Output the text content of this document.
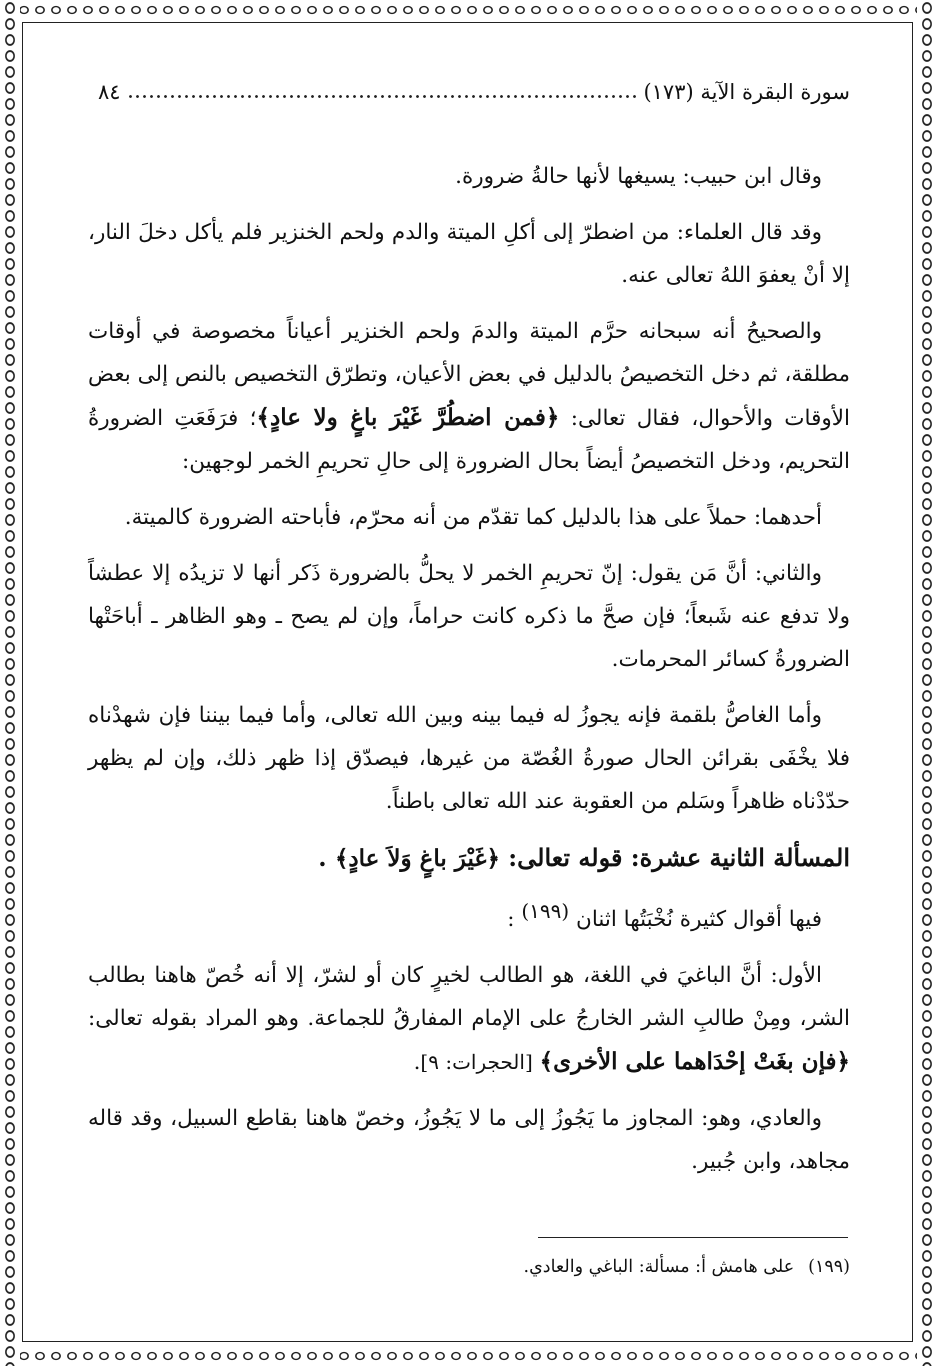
سورة البقرة الآية (١٧٣)
٨٤

وقال ابن حبيب: يسيغها لأنها حالةُ ضرورة.

وقد قال العلماء: من اضطرّ إلى أكلِ الميتة والدم ولحم الخنزير فلم يأكل دخلَ النار، إلا أنْ يعفوَ اللهُ تعالى عنه.

والصحيحُ أنه سبحانه حرَّم الميتة والدمَ ولحم الخنزير أعياناً مخصوصة في أوقات مطلقة، ثم دخل التخصيصُ بالدليل في بعض الأعيان، وتطرّق التخصيص بالنص إلى بعض الأوقات والأحوال، فقال تعالى: ﴿فمن اضطُرَّ غَيْرَ باغٍ ولا عادٍ﴾؛ فرَفَعَتِ الضرورةُ التحريم، ودخل التخصيصُ أيضاً بحال الضرورة إلى حالِ تحريمِ الخمر لوجهين:

أحدهما: حملاً على هذا بالدليل كما تقدّم من أنه محرّم، فأباحته الضرورة كالميتة.

والثاني: أنَّ مَن يقول: إنّ تحريمِ الخمر لا يحلُّ بالضرورة ذَكر أنها لا تزيدُه إلا عطشاً ولا تدفع عنه شَبعاً؛ فإن صحَّ ما ذكره كانت حراماً، وإن لم يصح ـ وهو الظاهر ـ أباحَتْها الضرورةُ كسائر المحرمات.

وأما الغاصُّ بلقمة فإنه يجوزُ له فيما بينه وبين الله تعالى، وأما فيما بيننا فإن شهدْناه فلا يخْفَى بقرائن الحال صورةُ الغُصّة من غيرها، فيصدّق إذا ظهر ذلك، وإن لم يظهر حدّدْناه ظاهراً وسَلم من العقوبة عند الله تعالى باطناً.

المسألة الثانية عشرة: قوله تعالى: ﴿غَيْرَ باغٍ وَلاَ عادٍ﴾ .

فيها أقوال كثيرة نُخْبَتُها اثنان $^{(١٩٩)}$ :

الأول: أنَّ الباغيَ في اللغة، هو الطالب لخيرٍ كان أو لشرّ، إلا أنه خُصّ هاهنا بطالب الشر، ومِنْ طالبِ الشر الخارجُ على الإمام المفارقُ للجماعة. وهو المراد بقوله تعالى: ﴿فإن بغَتْ إحْدَاهما على الأخرى﴾ [الحجرات: ٩].

والعادي، وهو: المجاوز ما يَجُوزُ إلى ما لا يَجُوزُ، وخصّ هاهنا بقاطع السبيل، وقد قاله مجاهد، وابن جُبير.

(١٩٩)على هامش أ: مسألة: الباغي والعادي.
